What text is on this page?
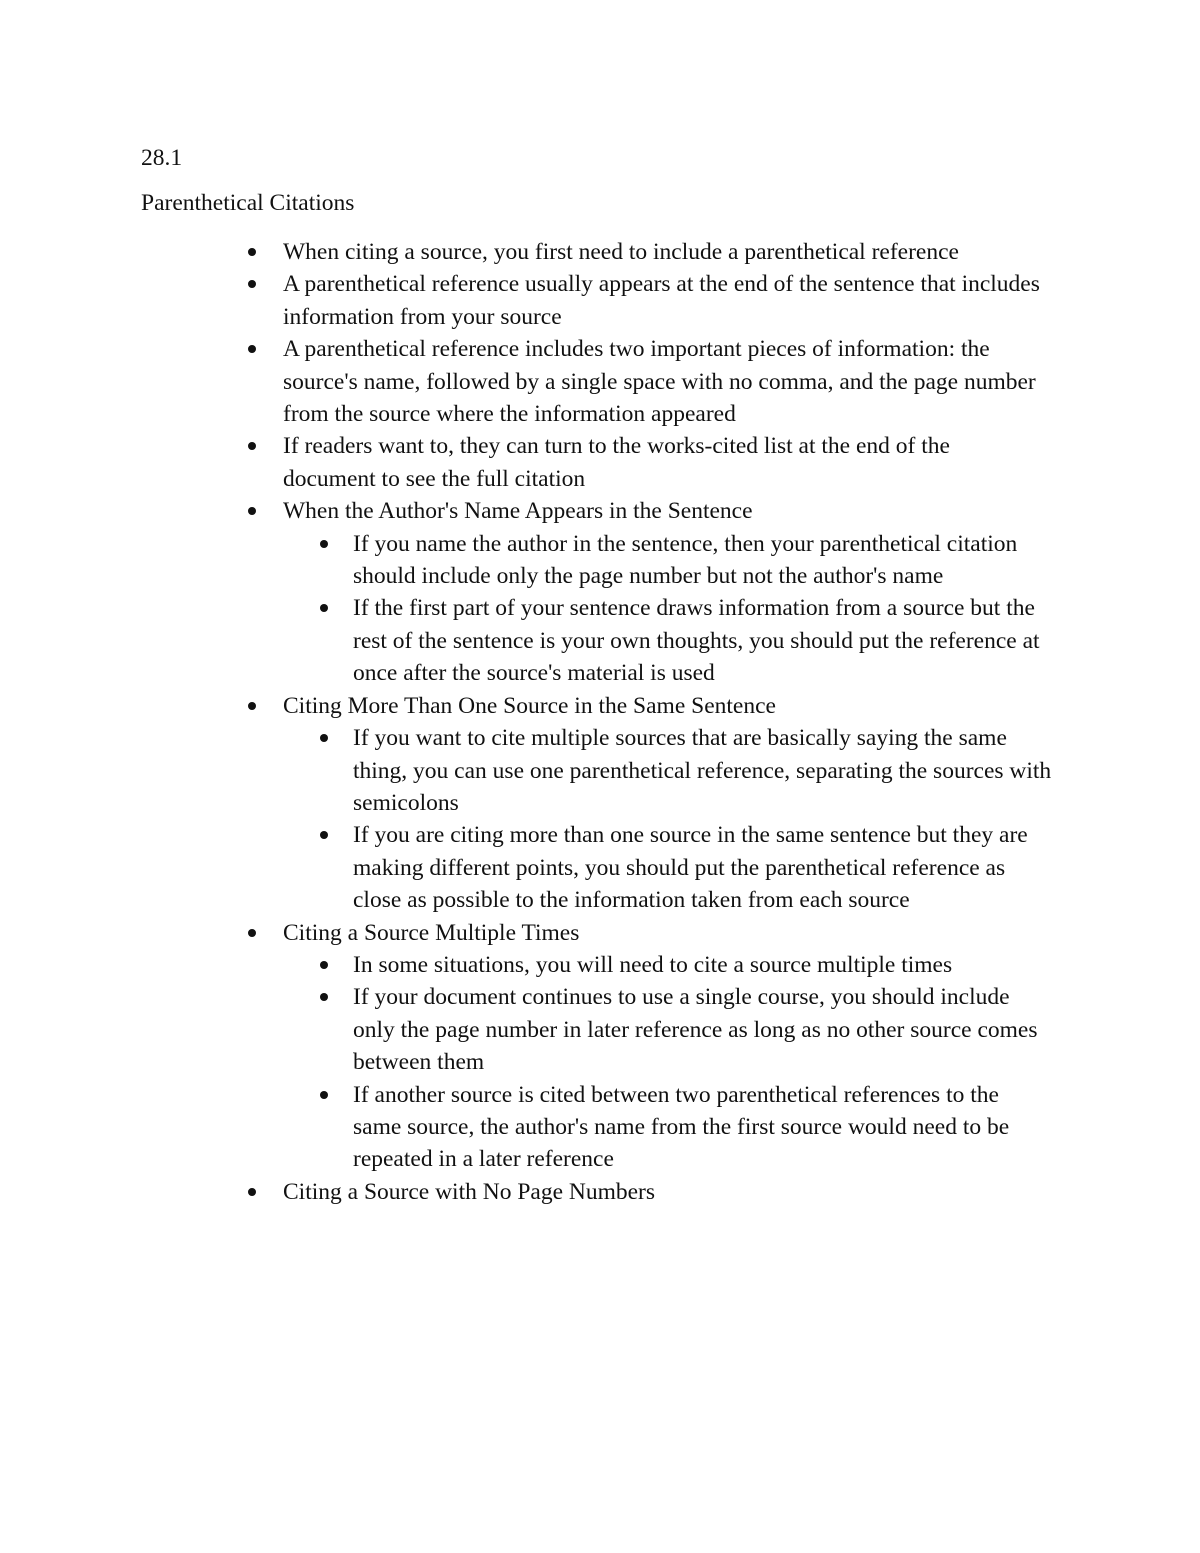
28.1
Parenthetical Citations
When citing a source, you first need to include a parenthetical reference
A parenthetical reference usually appears at the end of the sentence that includes information from your source
A parenthetical reference includes two important pieces of information: the source's name, followed by a single space with no comma, and the page number from the source where the information appeared
If readers want to, they can turn to the works-cited list at the end of the document to see the full citation
When the Author's Name Appears in the Sentence
If you name the author in the sentence, then your parenthetical citation should include only the page number but not the author's name
If the first part of your sentence draws information from a source but the rest of the sentence is your own thoughts, you should put the reference at once after the source's material is used
Citing More Than One Source in the Same Sentence
If you want to cite multiple sources that are basically saying the same thing, you can use one parenthetical reference, separating the sources with semicolons
If you are citing more than one source in the same sentence but they are making different points, you should put the parenthetical reference as close as possible to the information taken from each source
Citing a Source Multiple Times
In some situations, you will need to cite a source multiple times
If your document continues to use a single course, you should include only the page number in later reference as long as no other source comes between them
If another source is cited between two parenthetical references to the same source, the author's name from the first source would need to be repeated in a later reference
Citing a Source with No Page Numbers
